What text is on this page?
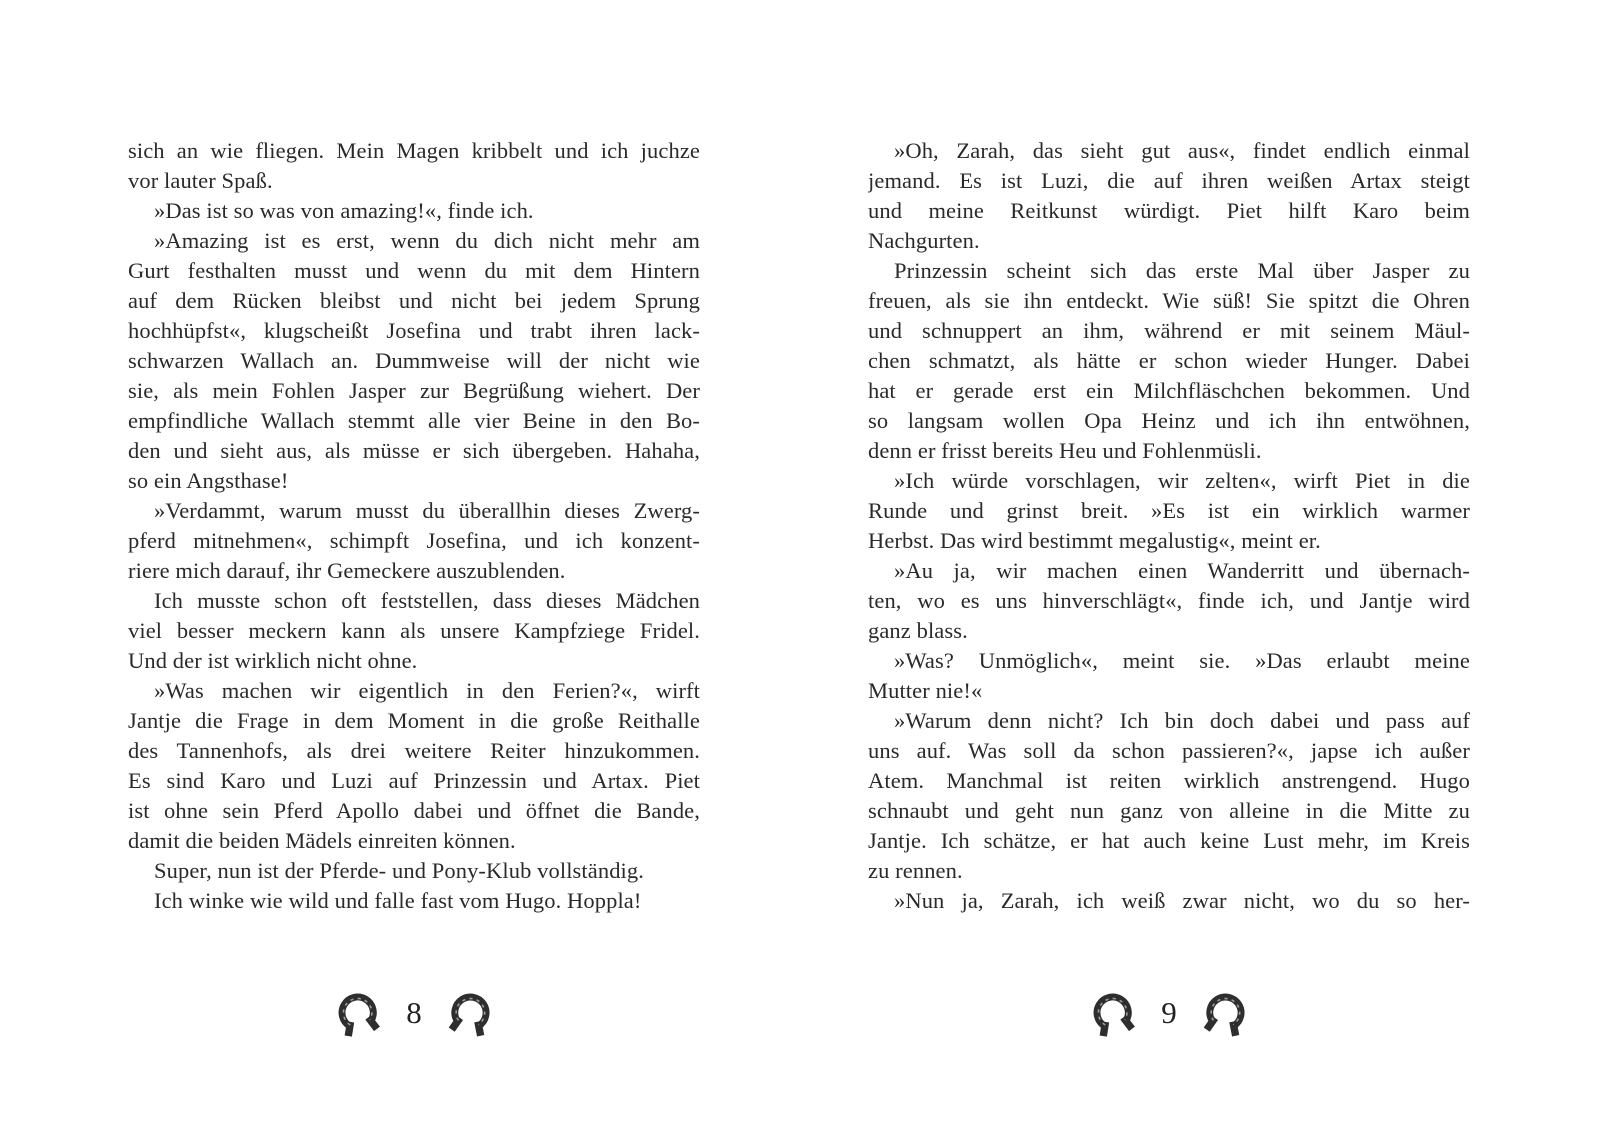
sich an wie fliegen. Mein Magen kribbelt und ich juchze
vor lauter Spaß.
»Das ist so was von amazing!«, finde ich.
»Amazing ist es erst, wenn du dich nicht mehr am
Gurt festhalten musst und wenn du mit dem Hintern
auf dem Rücken bleibst und nicht bei jedem Sprung
hochhüpfst«, klugscheißt Josefina und trabt ihren lack-
schwarzen Wallach an. Dummweise will der nicht wie
sie, als mein Fohlen Jasper zur Begrüßung wiehert. Der
empfindliche Wallach stemmt alle vier Beine in den Bo-
den und sieht aus, als müsse er sich übergeben. Hahaha,
so ein Angsthase!
»Verdammt, warum musst du überallhin dieses Zwerg-
pferd mitnehmen«, schimpft Josefina, und ich konzent-
riere mich darauf, ihr Gemeckere auszublenden.
Ich musste schon oft feststellen, dass dieses Mädchen
viel besser meckern kann als unsere Kampfziege Fridel.
Und der ist wirklich nicht ohne.
»Was machen wir eigentlich in den Ferien?«, wirft
Jantje die Frage in dem Moment in die große Reithalle
des Tannenhofs, als drei weitere Reiter hinzukommen.
Es sind Karo und Luzi auf Prinzessin und Artax. Piet
ist ohne sein Pferd Apollo dabei und öffnet die Bande,
damit die beiden Mädels einreiten können.
Super, nun ist der Pferde- und Pony-Klub vollständig.
Ich winke wie wild und falle fast vom Hugo. Hoppla!
8
»Oh, Zarah, das sieht gut aus«, findet endlich einmal
jemand. Es ist Luzi, die auf ihren weißen Artax steigt
und meine Reitkunst würdigt. Piet hilft Karo beim
Nachgurten.
Prinzessin scheint sich das erste Mal über Jasper zu
freuen, als sie ihn entdeckt. Wie süß! Sie spitzt die Ohren
und schnuppert an ihm, während er mit seinem Mäul-
chen schmatzt, als hätte er schon wieder Hunger. Dabei
hat er gerade erst ein Milchfläschchen bekommen. Und
so langsam wollen Opa Heinz und ich ihn entwöhnen,
denn er frisst bereits Heu und Fohlenmüsli.
»Ich würde vorschlagen, wir zelten«, wirft Piet in die
Runde und grinst breit. »Es ist ein wirklich warmer
Herbst. Das wird bestimmt megalustig«, meint er.
»Au ja, wir machen einen Wanderritt und übernach-
ten, wo es uns hinverschlägt«, finde ich, und Jantje wird
ganz blass.
»Was? Unmöglich«, meint sie. »Das erlaubt meine
Mutter nie!«
»Warum denn nicht? Ich bin doch dabei und pass auf
uns auf. Was soll da schon passieren?«, japse ich außer
Atem. Manchmal ist reiten wirklich anstrengend. Hugo
schnaubt und geht nun ganz von alleine in die Mitte zu
Jantje. Ich schätze, er hat auch keine Lust mehr, im Kreis
zu rennen.
»Nun ja, Zarah, ich weiß zwar nicht, wo du so her-
9
